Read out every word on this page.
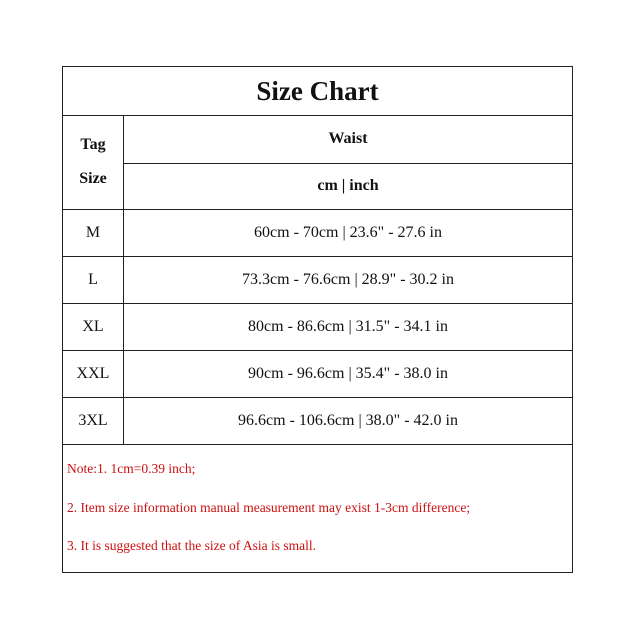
Size Chart
Tag
Size
Waist
cm | inch
M	60cm - 70cm | 23.6" - 27.6 in
L	73.3cm - 76.6cm | 28.9" - 30.2 in
XL	80cm - 86.6cm | 31.5" - 34.1 in
XXL	90cm - 96.6cm | 35.4" - 38.0 in
3XL	96.6cm - 106.6cm | 38.0" - 42.0 in
Note:1. 1cm=0.39 inch;
2. Item size information manual measurement may exist 1-3cm difference;
3. It is suggested that the size of Asia is small.
